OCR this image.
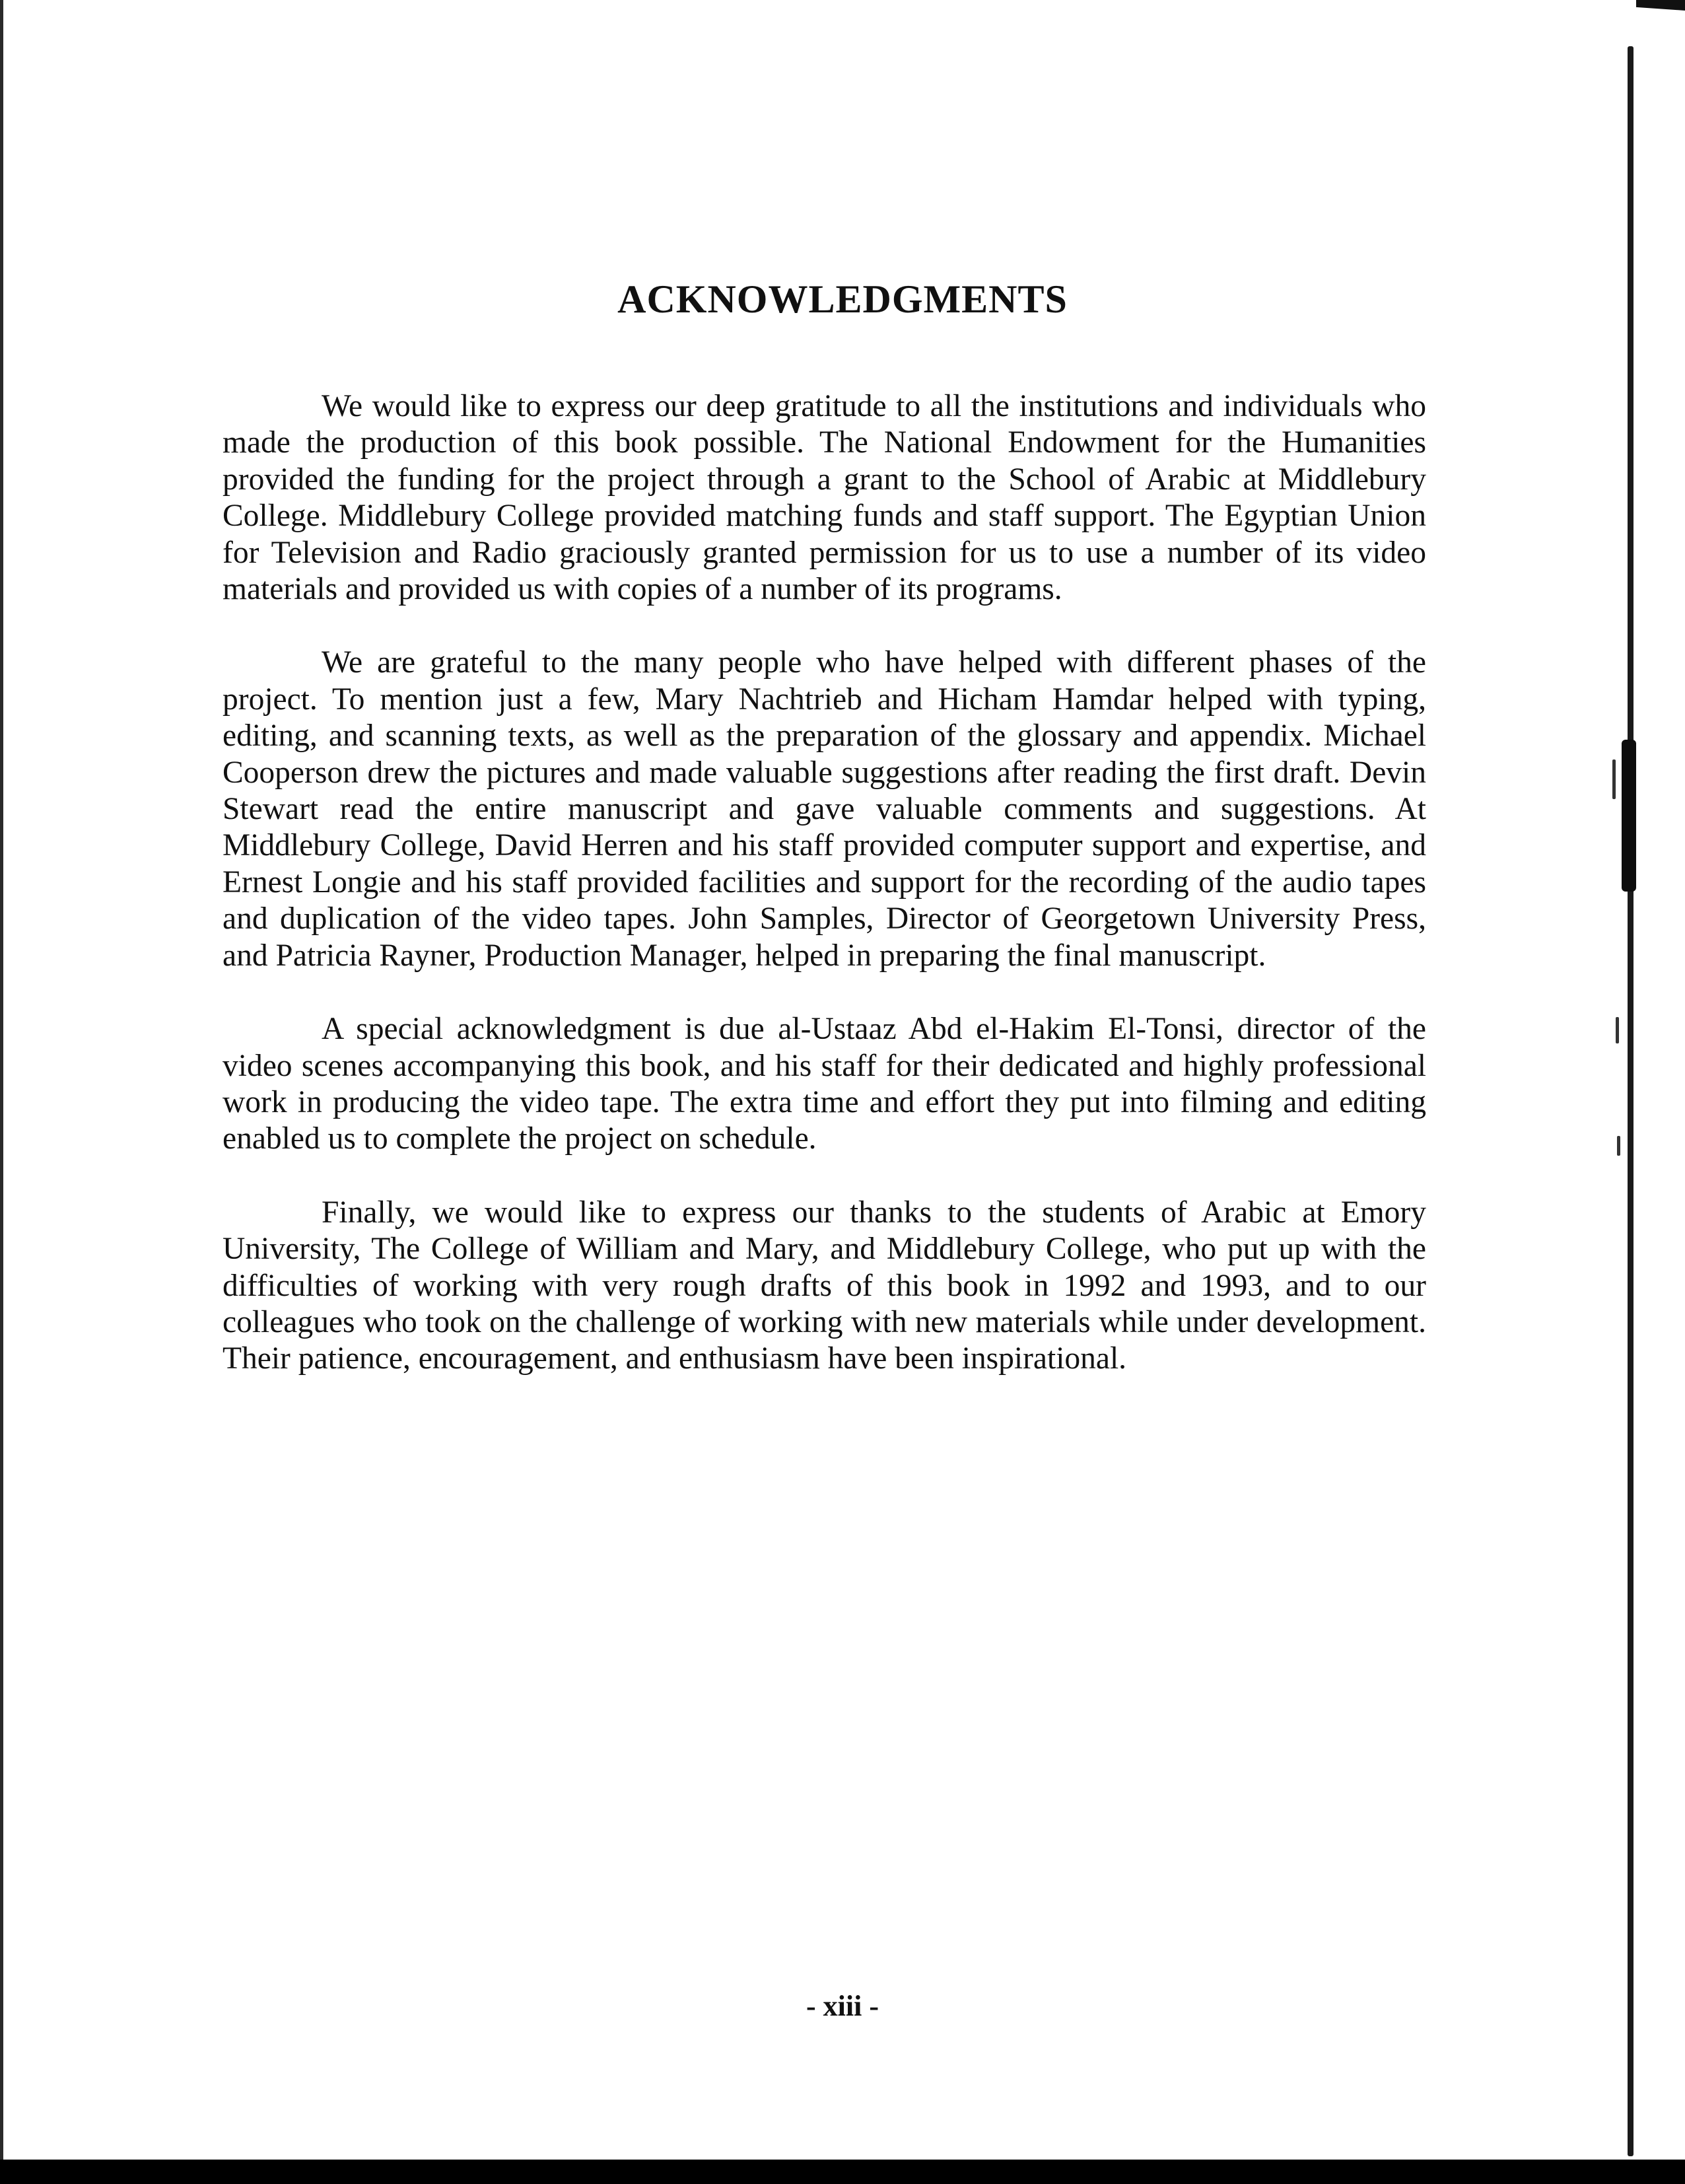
ACKNOWLEDGMENTS

We would like to express our deep gratitude to all the institutions and individuals who made the production of this book possible. The National Endowment for the Humanities provided the funding for the project through a grant to the School of Arabic at Middlebury College. Middlebury College provided matching funds and staff support. The Egyptian Union for Television and Radio graciously granted permission for us to use a number of its video materials and provided us with copies of a number of its programs.

We are grateful to the many people who have helped with different phases of the project. To mention just a few, Mary Nachtrieb and Hicham Hamdar helped with typing, editing, and scanning texts, as well as the preparation of the glossary and appendix. Michael Cooperson drew the pictures and made valuable suggestions after reading the first draft. Devin Stewart read the entire manuscript and gave valuable comments and suggestions. At Middlebury College, David Herren and his staff provided computer support and expertise, and Ernest Longie and his staff provided facilities and support for the recording of the audio tapes and duplication of the video tapes. John Samples, Director of Georgetown University Press, and Patricia Rayner, Production Manager, helped in preparing the final manuscript.

A special acknowledgment is due al-Ustaaz Abd el-Hakim El-Tonsi, director of the video scenes accompanying this book, and his staff for their dedicated and highly professional work in producing the video tape. The extra time and effort they put into filming and editing enabled us to complete the project on schedule.

Finally, we would like to express our thanks to the students of Arabic at Emory University, The College of William and Mary, and Middlebury College, who put up with the difficulties of working with very rough drafts of this book in 1992 and 1993, and to our colleagues who took on the challenge of working with new materials while under development. Their patience, encouragement, and enthusiasm have been inspirational.

- xiii -
